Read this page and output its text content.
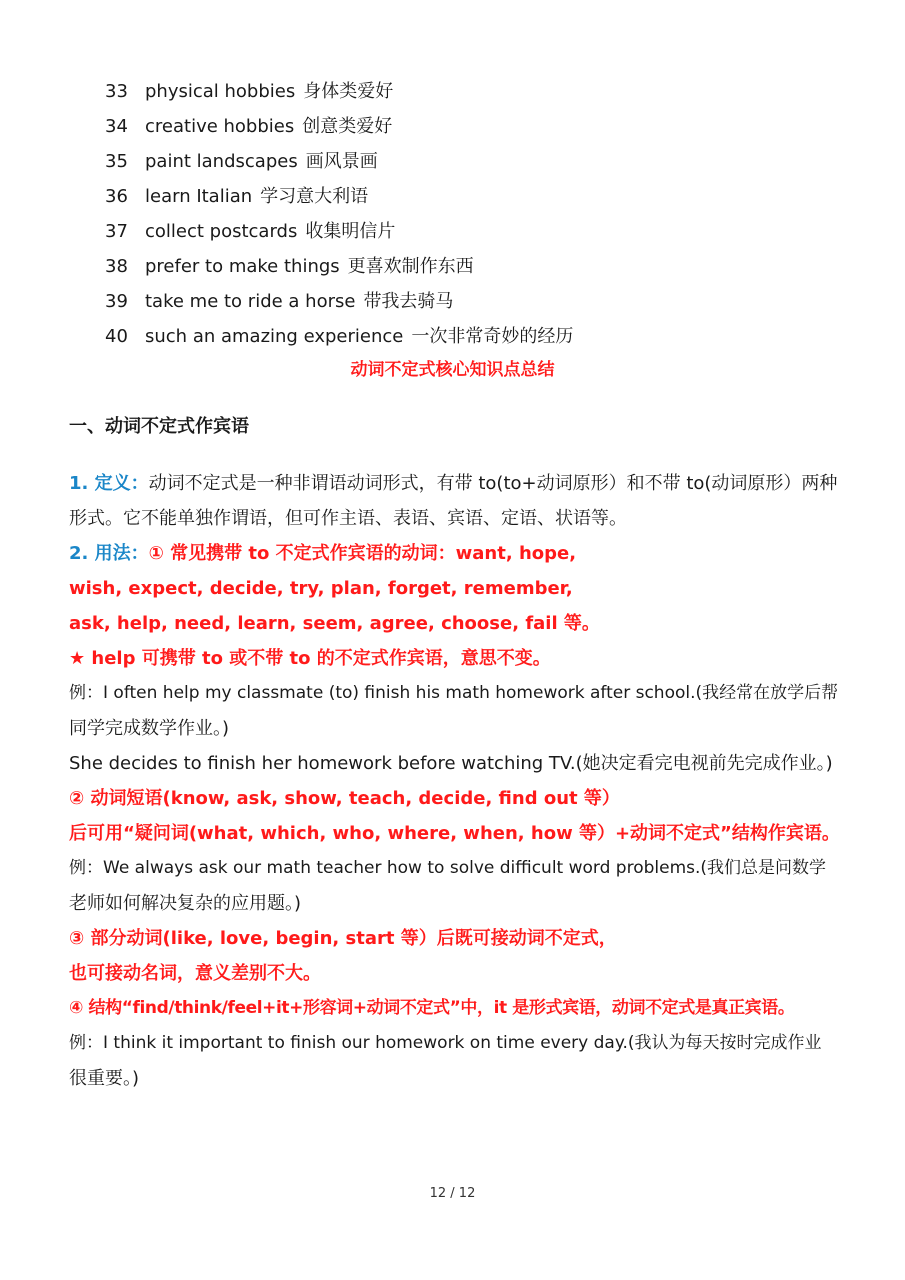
33 physical hobbies 身体类爱好
34 creative hobbies 创意类爱好
35 paint landscapes 画风景画
36 learn Italian 学习意大利语
37 collect postcards 收集明信片
38 prefer to make things 更喜欢制作东西
39 take me to ride a horse 带我去骑马
40 such an amazing experience 一次非常奇妙的经历
动词不定式核心知识点总结
一、动词不定式作宾语
1. 定义：动词不定式是一种非谓语动词形式，有带 to(to+动词原形）和不带 to(动词原形）两种
形式。它不能单独作谓语，但可作主语、表语、宾语、定语、状语等。
2. 用法：① 常见携带 to 不定式作宾语的动词：want, hope,
wish, expect, decide, try, plan, forget, remember,
ask, help, need, learn, seem, agree, choose, fail 等。
★ help 可携带 to 或不带 to 的不定式作宾语，意思不变。
例：I often help my classmate (to) finish his math homework after school.(我经常在放学后帮
同学完成数学作业。)
She decides to finish her homework before watching TV.(她决定看完电视前先完成作业。)
② 动词短语(know, ask, show, teach, decide, find out 等）
后可用“疑问词(what, which, who, where, when, how 等）+动词不定式”结构作宾语。
例：We always ask our math teacher how to solve difficult word problems.(我们总是问数学
老师如何解决复杂的应用题。)
③ 部分动词(like, love, begin, start 等）后既可接动词不定式，
也可接动名词，意义差别不大。
④ 结构“find/think/feel+it+形容词+动词不定式”中，it 是形式宾语，动词不定式是真正宾语。
例：I think it important to finish our homework on time every day.(我认为每天按时完成作业
很重要。)
12 / 12
